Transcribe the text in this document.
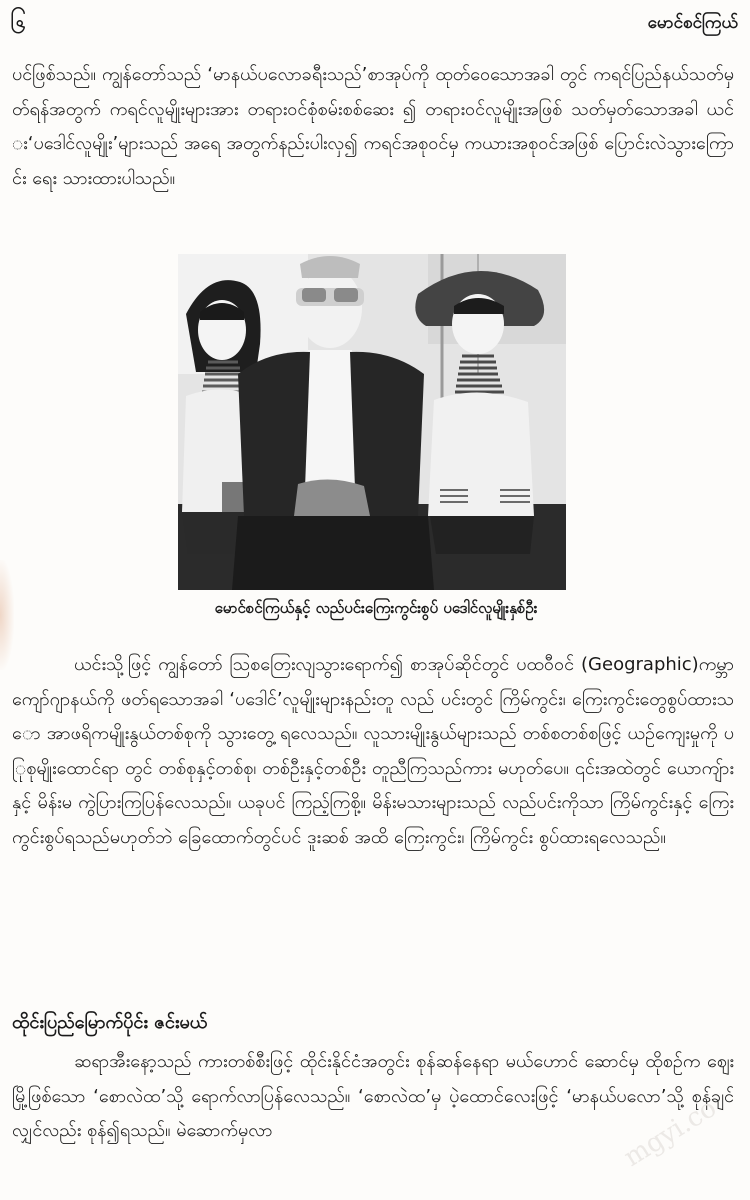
၆	မောင်စင်ကြယ်

ပင်ဖြစ်သည်။ ကျွန်တော်သည် ‘မာနယ်ပလောခရီးသည်’စာအုပ်ကို ထုတ်ဝေသောအခါ တွင် ကရင်ပြည်နယ်သတ်မှတ်ရန်အတွက် ကရင်လူမျိုးများအား တရားဝင်စုံစမ်းစစ်ဆေး ၍ တရားဝင်လူမျိုးအဖြစ် သတ်မှတ်သောအခါ ယင်း‘ပဒေါင်လူမျိုး’များသည် အရေ အတွက်နည်းပါးလှ၍ ကရင်အစုဝင်မှ ကယားအစုဝင်အဖြစ် ပြောင်းလဲသွားကြောင်း ရေး သားထားပါသည်။

မောင်စင်ကြယ်နှင့် လည်ပင်းကြေးကွင်းစွပ် ပဒေါင်လူမျိုးနှစ်ဦး

ယင်းသို့ဖြင့် ကျွန်တော် ဩစတြေးလျသွားရောက်၍ စာအုပ်ဆိုင်တွင် ပထဝီဝင် (Geographic)ကမ္ဘာကျော်ဂျာနယ်ကို ဖတ်ရသောအခါ ‘ပဒေါင်’လူမျိုးများနည်းတူ လည် ပင်းတွင် ကြိမ်ကွင်း၊ ကြေးကွင်းတွေစွပ်ထားသော အာဖရိကမျိုးနွယ်တစ်စုကို သွားတွေ့ ရလေသည်။ လူသားမျိုးနွယ်များသည် တစ်စတစ်စဖြင့် ယဉ်ကျေးမှုကို ပြုစုမျိုးထောင်ရာ တွင် တစ်စုနှင့်တစ်စု၊ တစ်ဦးနှင့်တစ်ဦး တူညီကြသည်ကား မဟုတ်ပေ။ ၎င်းအထဲတွင် ယောကျ်ားနှင့် မိန်းမ ကွဲပြားကြပြန်လေသည်။ ယခုပင် ကြည့်ကြစို့။ မိန်းမသားများသည် လည်ပင်းကိုသာ ကြိမ်ကွင်းနှင့် ကြေးကွင်းစွပ်ရသည်မဟုတ်ဘဲ ခြေထောက်တွင်ပင် ဒူးဆစ် အထိ ကြေးကွင်း၊ ကြိမ်ကွင်း စွပ်ထားရလေသည်။

ထိုင်းပြည်မြောက်ပိုင်း ဇင်းမယ်

ဆရာအီးနော့သည် ကားတစ်စီးဖြင့် ထိုင်းနိုင်ငံအတွင်း စုန်ဆန်နေရာ မယ်ဟောင် ဆောင်မှ ထိုစဉ်က ဈေးမြို့ဖြစ်သော ‘စောလဲထ’သို့ ရောက်လာပြန်လေသည်။ ‘စောလဲထ’မှ ပဲ့ထောင်လေးဖြင့် ‘မာနယ်ပလော’သို့ စုန်ချင်လျှင်လည်း စုန်၍ရသည်။ မဲဆောက်မှလာ	mgyi.co
